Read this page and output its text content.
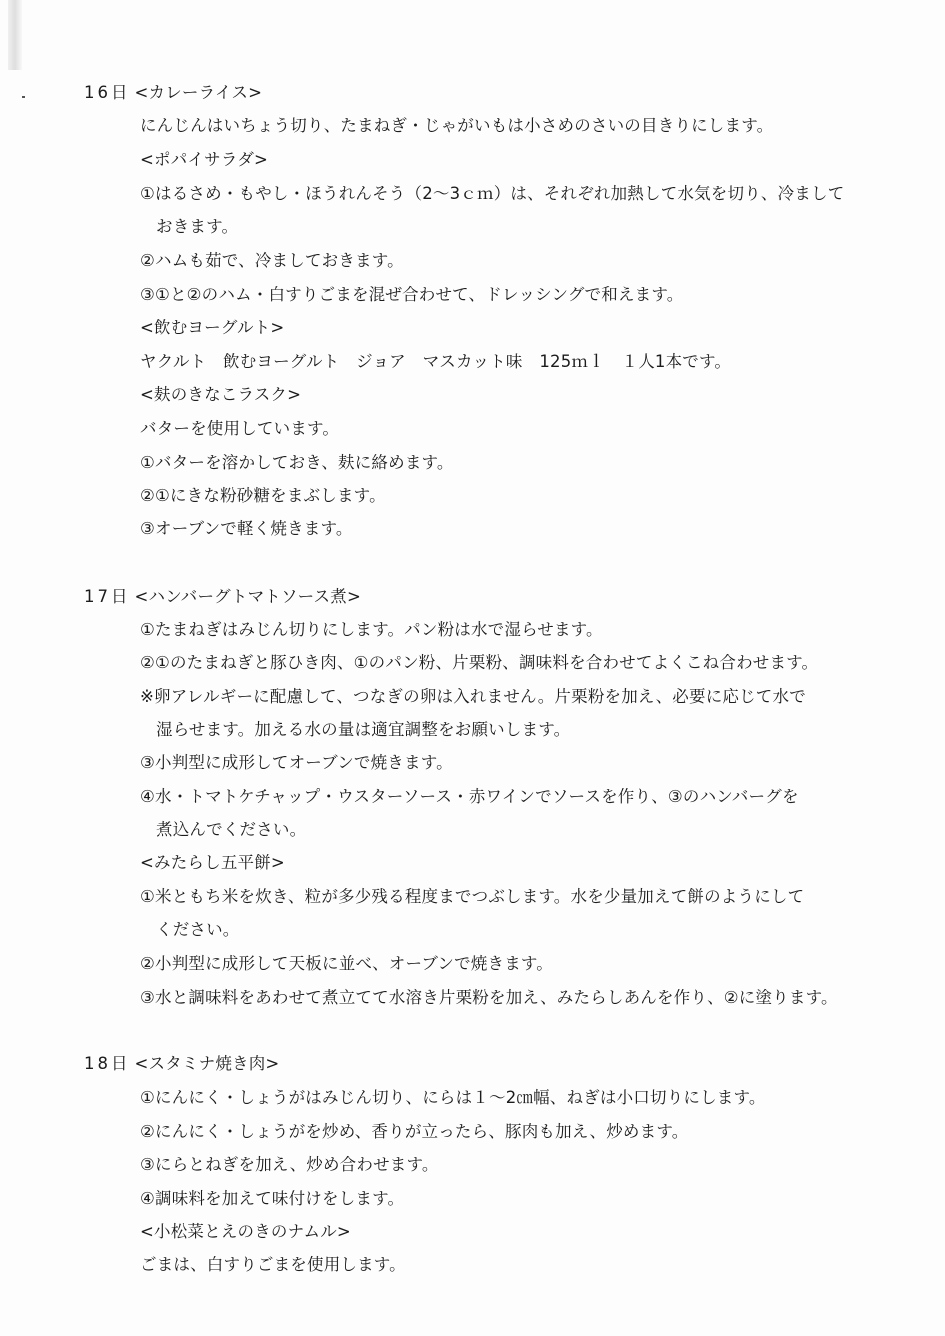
16日 <カレーライス>
にんじんはいちょう切り、たまねぎ・じゃがいもは小さめのさいの目きりにします。
<ポパイサラダ>
①はるさめ・もやし・ほうれんそう（2～3ｃｍ）は、それぞれ加熱して水気を切り、冷まして
おきます。
②ハムも茹で、冷ましておきます。
③①と②のハム・白すりごまを混ぜ合わせて、ドレッシングで和えます。
<飲むヨーグルト>
ヤクルト　飲むヨーグルト　ジョア　マスカット味　125ｍｌ　１人1本です。
<麸のきなこラスク>
バターを使用しています。
①バターを溶かしておき、麸に絡めます。
②①にきな粉砂糖をまぶします。
③オーブンで軽く焼きます。
17日 <ハンバーグトマトソース煮>
①たまねぎはみじん切りにします。パン粉は水で湿らせます。
②①のたまねぎと豚ひき肉、①のパン粉、片栗粉、調味料を合わせてよくこね合わせます。
※卵アレルギーに配慮して、つなぎの卵は入れません。片栗粉を加え、必要に応じて水で
湿らせます。加える水の量は適宜調整をお願いします。
③小判型に成形してオーブンで焼きます。
④水・トマトケチャップ・ウスターソース・赤ワインでソースを作り、③のハンバーグを
煮込んでください。
<みたらし五平餅>
①米ともち米を炊き、粒が多少残る程度までつぶします。水を少量加えて餅のようにして
ください。
②小判型に成形して天板に並べ、オーブンで焼きます。
③水と調味料をあわせて煮立てて水溶き片栗粉を加え、みたらしあんを作り、②に塗ります。
18日 <スタミナ焼き肉>
①にんにく・しょうがはみじん切り、にらは１～2㎝幅、ねぎは小口切りにします。
②にんにく・しょうがを炒め、香りが立ったら、豚肉も加え、炒めます。
③にらとねぎを加え、炒め合わせます。
④調味料を加えて味付けをします。
<小松菜とえのきのナムル>
ごまは、白すりごまを使用します。
